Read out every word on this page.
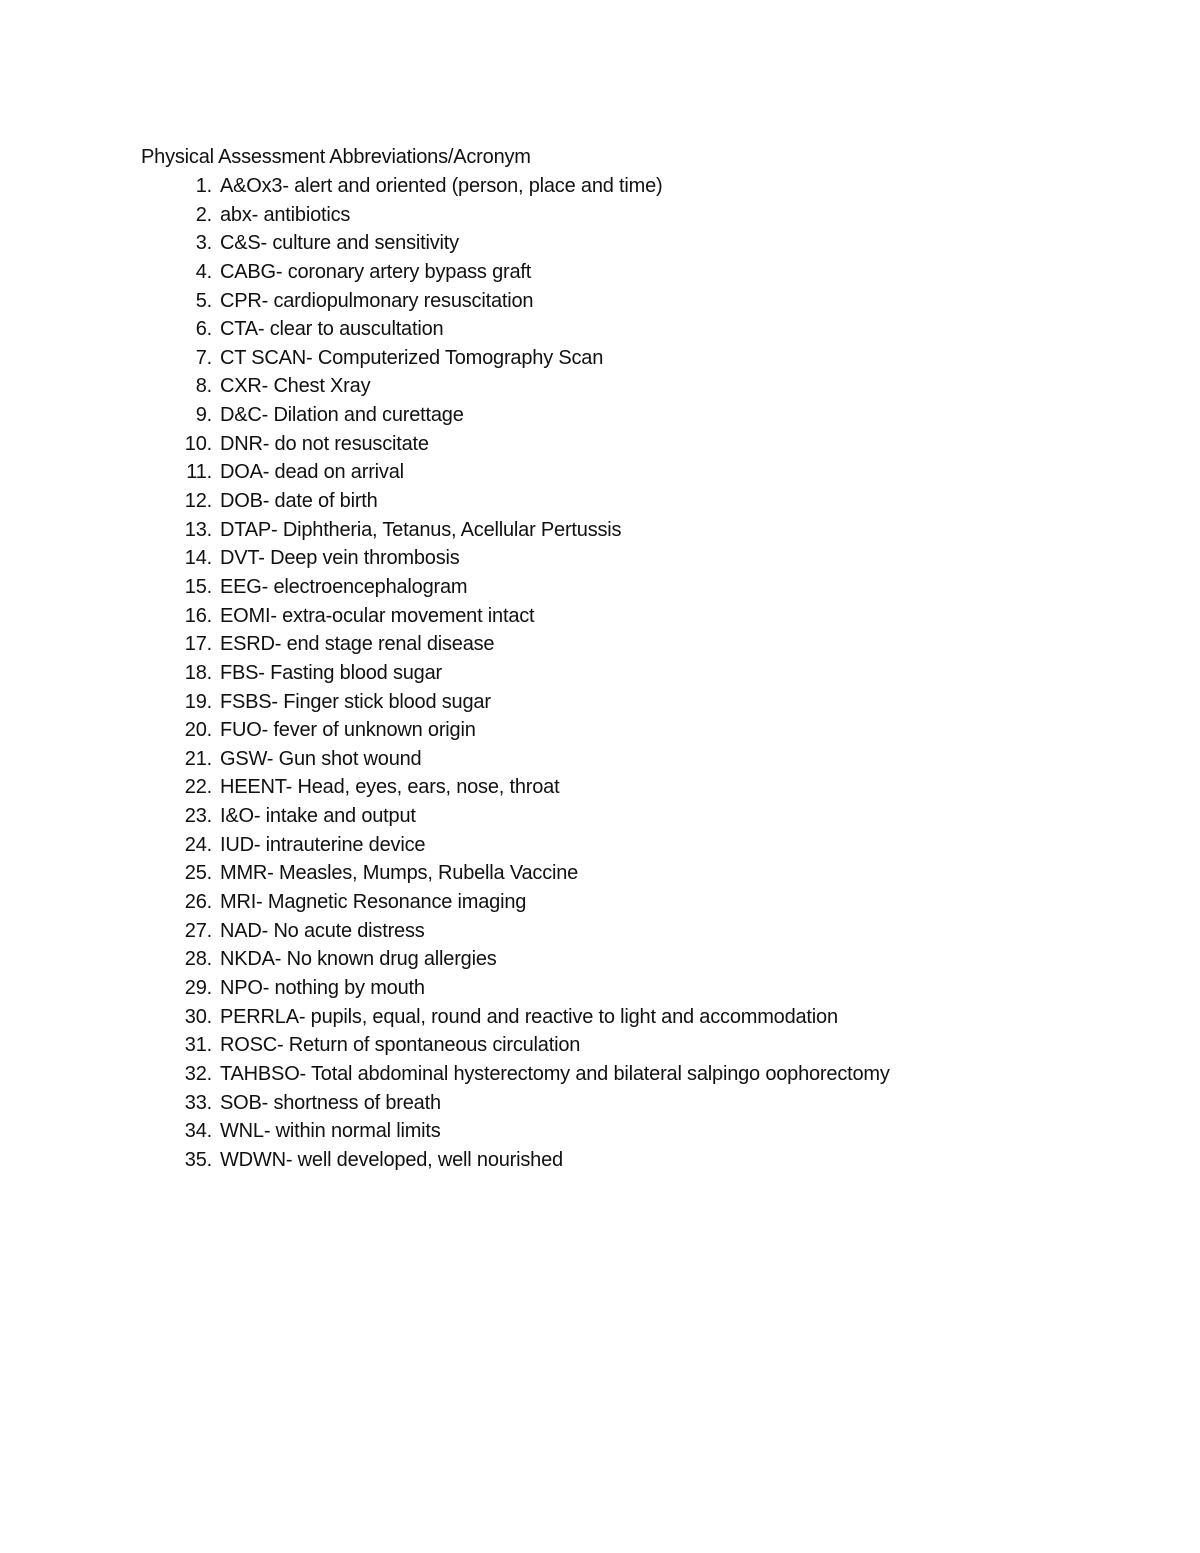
Physical Assessment Abbreviations/Acronym
1. A&Ox3- alert and oriented (person, place and time)
2. abx- antibiotics
3. C&S- culture and sensitivity
4. CABG- coronary artery bypass graft
5. CPR- cardiopulmonary resuscitation
6. CTA- clear to auscultation
7. CT SCAN- Computerized Tomography Scan
8. CXR- Chest Xray
9. D&C- Dilation and curettage
10. DNR- do not resuscitate
11. DOA- dead on arrival
12. DOB- date of birth
13. DTAP- Diphtheria, Tetanus, Acellular Pertussis
14. DVT- Deep vein thrombosis
15. EEG- electroencephalogram
16. EOMI- extra-ocular movement intact
17. ESRD- end stage renal disease
18. FBS- Fasting blood sugar
19. FSBS- Finger stick blood sugar
20. FUO- fever of unknown origin
21. GSW- Gun shot wound
22. HEENT- Head, eyes, ears, nose, throat
23. I&O- intake and output
24. IUD- intrauterine device
25. MMR- Measles, Mumps, Rubella Vaccine
26. MRI- Magnetic Resonance imaging
27. NAD- No acute distress
28. NKDA- No known drug allergies
29. NPO- nothing by mouth
30. PERRLA- pupils, equal, round and reactive to light and accommodation
31. ROSC- Return of spontaneous circulation
32. TAHBSO- Total abdominal hysterectomy and bilateral salpingo oophorectomy
33. SOB- shortness of breath
34. WNL- within normal limits
35. WDWN- well developed, well nourished
